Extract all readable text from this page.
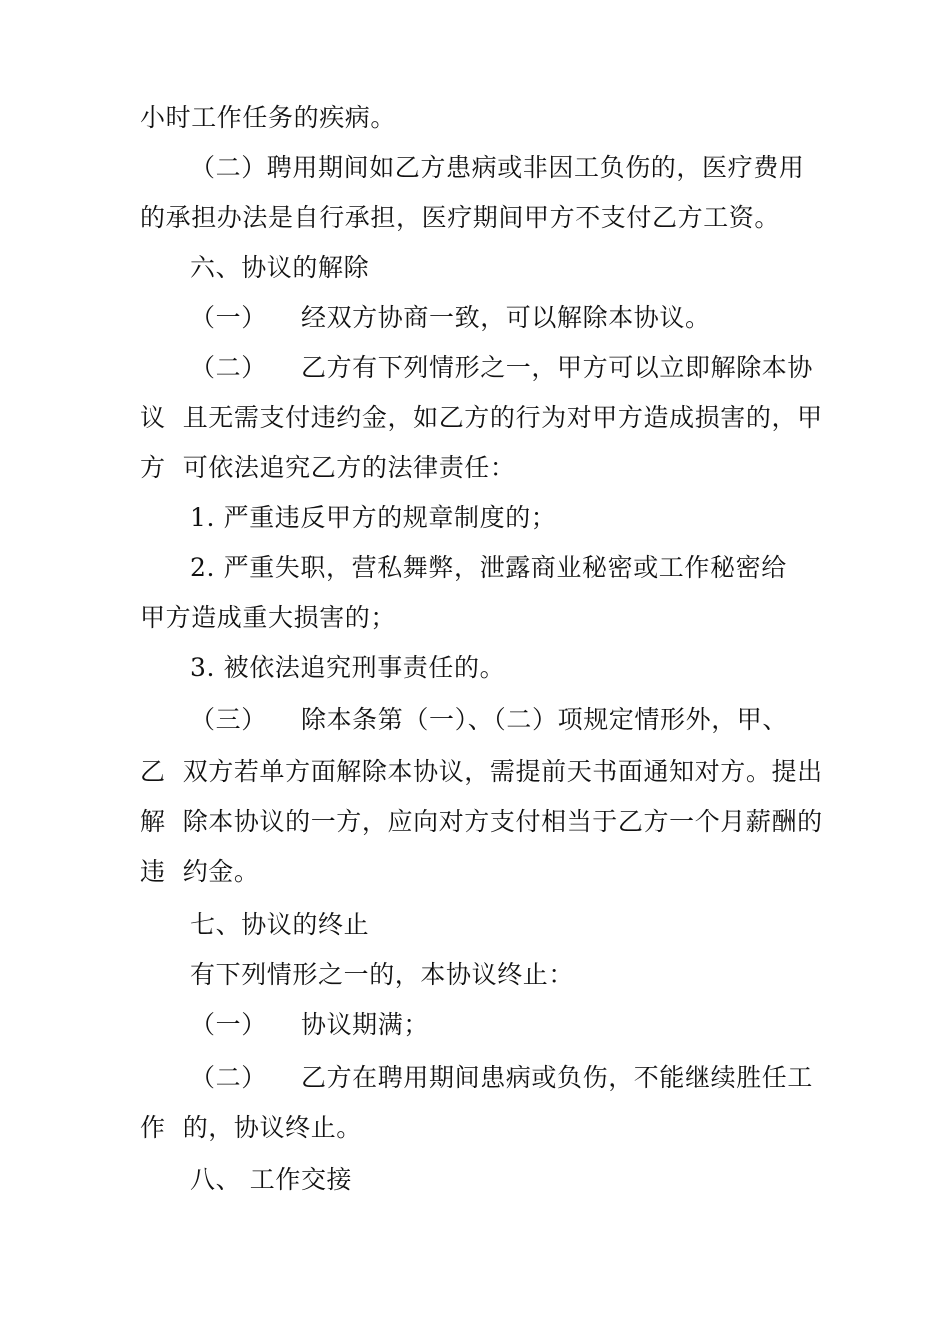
小时工作任务的疾病。
（二）聘用期间如乙方患病或非因工负伤的，医疗费用
的承担办法是自行承担，医疗期间甲方不支付乙方工资。
六、协议的解除
（一）    经双方协商一致，可以解除本协议。
（二）    乙方有下列情形之一，甲方可以立即解除本协
议  且无需支付违约金，如乙方的行为对甲方造成损害的，甲
方  可依法追究乙方的法律责任：
1. 严重违反甲方的规章制度的；
2. 严重失职，营私舞弊，泄露商业秘密或工作秘密给
甲方造成重大损害的；
3. 被依法追究刑事责任的。
（三）    除本条第（一）、（二）项规定情形外，甲、
乙  双方若单方面解除本协议，需提前天书面通知对方。提出
解  除本协议的一方，应向对方支付相当于乙方一个月薪酬的
违  约金。
七、协议的终止
有下列情形之一的，本协议终止：
（一）    协议期满；
（二）    乙方在聘用期间患病或负伤，不能继续胜任工
作  的，协议终止。
八、 工作交接
